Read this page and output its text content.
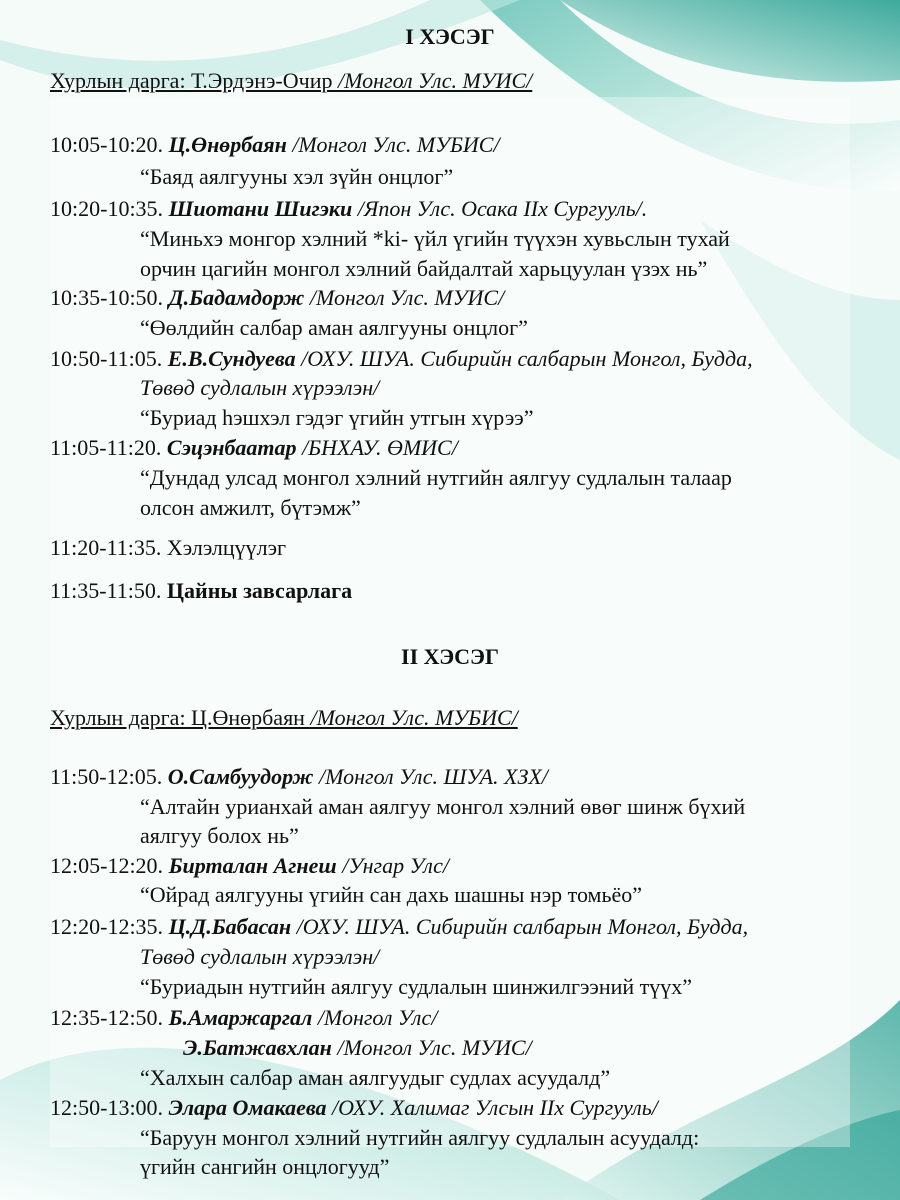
I ХЭСЭГ
Хурлын дарга: Т.Эрдэнэ-Очир /Монгол Улс. МУИС/
10:05-10:20. Ц.Өнөрбаян /Монгол Улс. МУБИС/
“Баяд аялгууны хэл зүйн онцлог”
10:20-10:35. Шиотани Шигэки /Япон Улс. Осака IIх Сургууль/.
“Миньхэ монгор хэлний *ki- үйл үгийн түүхэн хувьслын тухай
орчин цагийн монгол хэлний байдалтай харьцуулан үзэх нь”
10:35-10:50. Д.Бадамдорж /Монгол Улс. МУИС/
“Өөлдийн салбар аман аялгууны онцлог”
10:50-11:05. Е.В.Сундуева /ОХУ. ШУА. Сибирийн салбарын Монгол, Будда,
Төвөд судлалын хүрээлэн/
“Буриад һэшхэл гэдэг үгийн утгын хүрээ”
11:05-11:20. Сэцэнбаатар /БНХАУ. ӨМИС/
“Дундад улсад монгол хэлний нутгийн аялгуу судлалын талаар
олсон амжилт, бүтэмж”
11:20-11:35. Хэлэлцүүлэг
11:35-11:50. Цайны завсарлага
II ХЭСЭГ
Хурлын дарга: Ц.Өнөрбаян /Монгол Улс. МУБИС/
11:50-12:05. О.Самбуудорж /Монгол Улс. ШУА. ХЗХ/
“Алтайн урианхай аман аялгуу монгол хэлний өвөг шинж бүхий
аялгуу болох нь”
12:05-12:20. Бирталан Агнеш /Унгар Улс/
“Ойрад аялгууны үгийн сан дахь шашны нэр томьёо”
12:20-12:35. Ц.Д.Бабасан /ОХУ. ШУА. Сибирийн салбарын Монгол, Будда,
Төвөд судлалын хүрээлэн/
“Буриадын нутгийн аялгуу судлалын шинжилгээний түүх”
12:35-12:50. Б.Амаржаргал /Монгол Улс/
Э.Батжавхлан /Монгол Улс. МУИС/
“Халхын салбар аман аялгуудыг судлах асуудалд”
12:50-13:00. Элара Омакаева /ОХУ. Халимаг Улсын IIх Сургууль/
“Баруун монгол хэлний нутгийн аялгуу судлалын асуудалд:
үгийн сангийн онцлогууд”
